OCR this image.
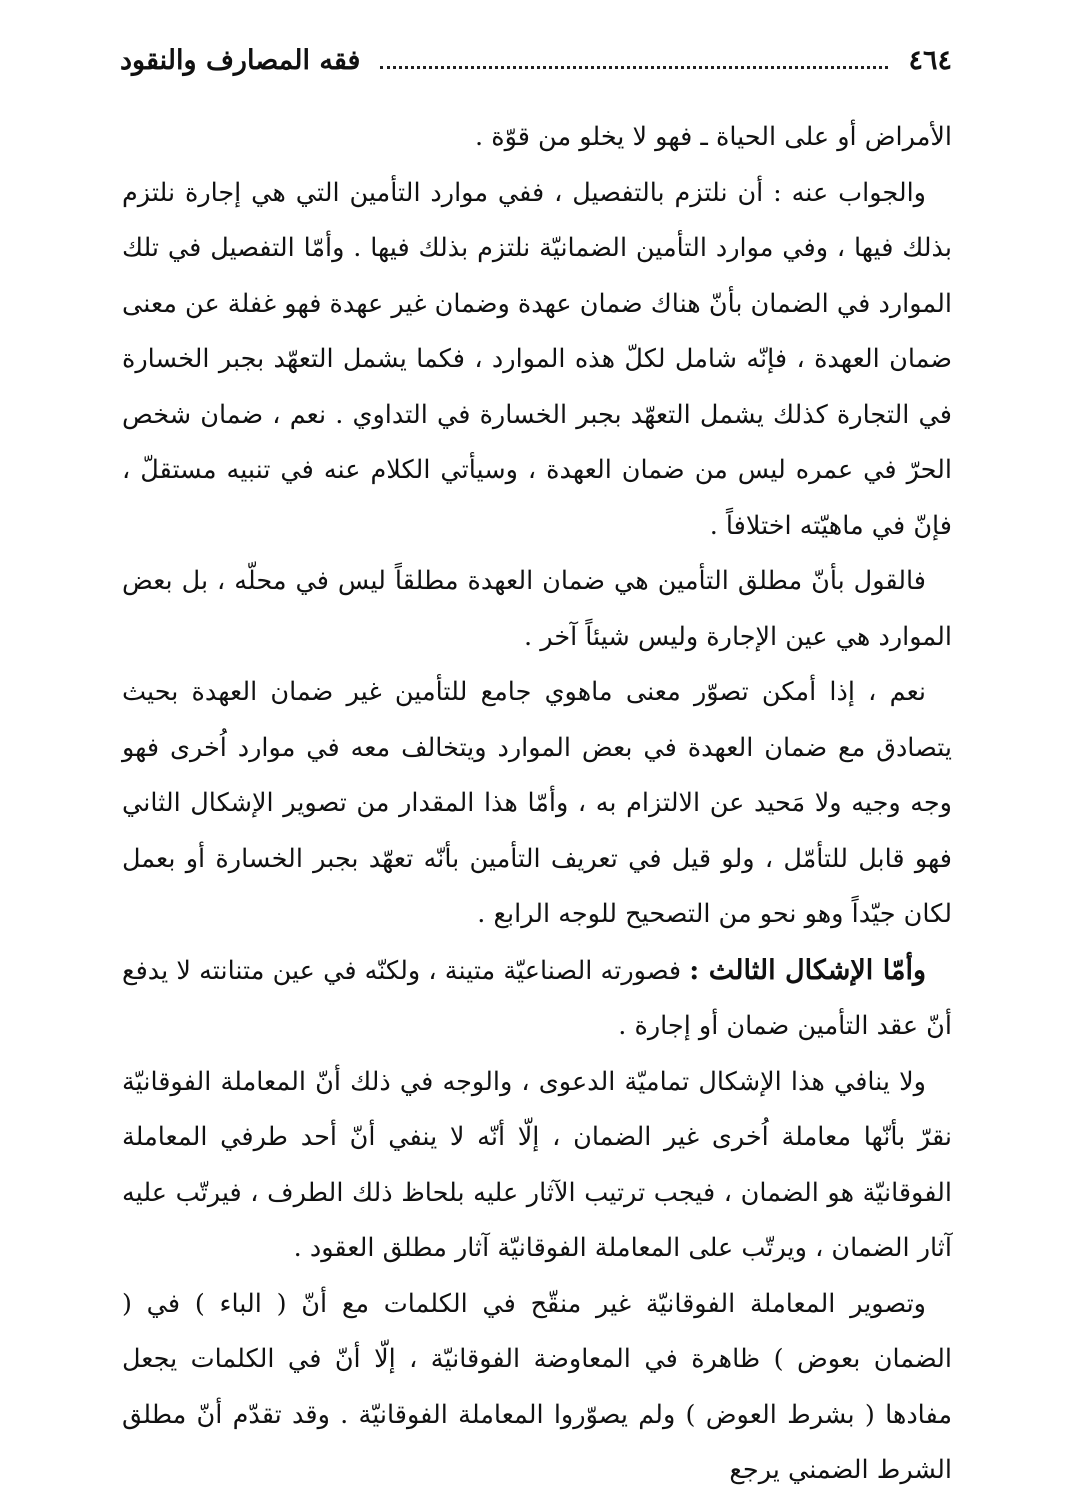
٤٦٤
فقه المصارف والنقود

الأمراض أو على الحياة ـ فهو لا يخلو من قوّة .

والجواب عنه : أن نلتزم بالتفصيل ، ففي موارد التأمين التي هي إجارة نلتزم بذلك فيها ، وفي موارد التأمين الضمانيّة نلتزم بذلك فيها . وأمّا التفصيل في تلك الموارد في الضمان بأنّ هناك ضمان عهدة وضمان غير عهدة فهو غفلة عن معنى ضمان العهدة ، فإنّه شامل لكلّ هذه الموارد ، فكما يشمل التعهّد بجبر الخسارة في التجارة كذلك يشمل التعهّد بجبر الخسارة في التداوي . نعم ، ضمان شخص الحرّ في عمره ليس من ضمان العهدة ، وسيأتي الكلام عنه في تنبيه مستقلّ ، فإنّ في ماهيّته اختلافاً .

فالقول بأنّ مطلق التأمين هي ضمان العهدة مطلقاً ليس في محلّه ، بل بعض الموارد هي عين الإجارة وليس شيئاً آخر .

نعم ، إذا أمكن تصوّر معنى ماهوي جامع للتأمين غير ضمان العهدة بحيث يتصادق مع ضمان العهدة في بعض الموارد ويتخالف معه في موارد اُخرى فهو وجه وجيه ولا مَحيد عن الالتزام به ، وأمّا هذا المقدار من تصوير الإشكال الثاني فهو قابل للتأمّل ، ولو قيل في تعريف التأمين بأنّه تعهّد بجبر الخسارة أو بعمل لكان جيّداً وهو نحو من التصحيح للوجه الرابع .

وأمّا الإشكال الثالث : فصورته الصناعيّة متينة ، ولكنّه في عين متنانته لا يدفع أنّ عقد التأمين ضمان أو إجارة .

ولا ينافي هذا الإشكال تماميّة الدعوى ، والوجه في ذلك أنّ المعاملة الفوقانيّة نقرّ بأنّها معاملة اُخرى غير الضمان ، إلّا أنّه لا ينفي أنّ أحد طرفي المعاملة الفوقانيّة هو الضمان ، فيجب ترتيب الآثار عليه بلحاظ ذلك الطرف ، فيرتّب عليه آثار الضمان ، ويرتّب على المعاملة الفوقانيّة آثار مطلق العقود .

وتصوير المعاملة الفوقانيّة غير منقّح في الكلمات مع أنّ ( الباء ) في ( الضمان بعوض ) ظاهرة في المعاوضة الفوقانيّة ، إلّا أنّ في الكلمات يجعل مفادها ( بشرط العوض ) ولم يصوّروا المعاملة الفوقانيّة . وقد تقدّم أنّ مطلق الشرط الضمني يرجع
